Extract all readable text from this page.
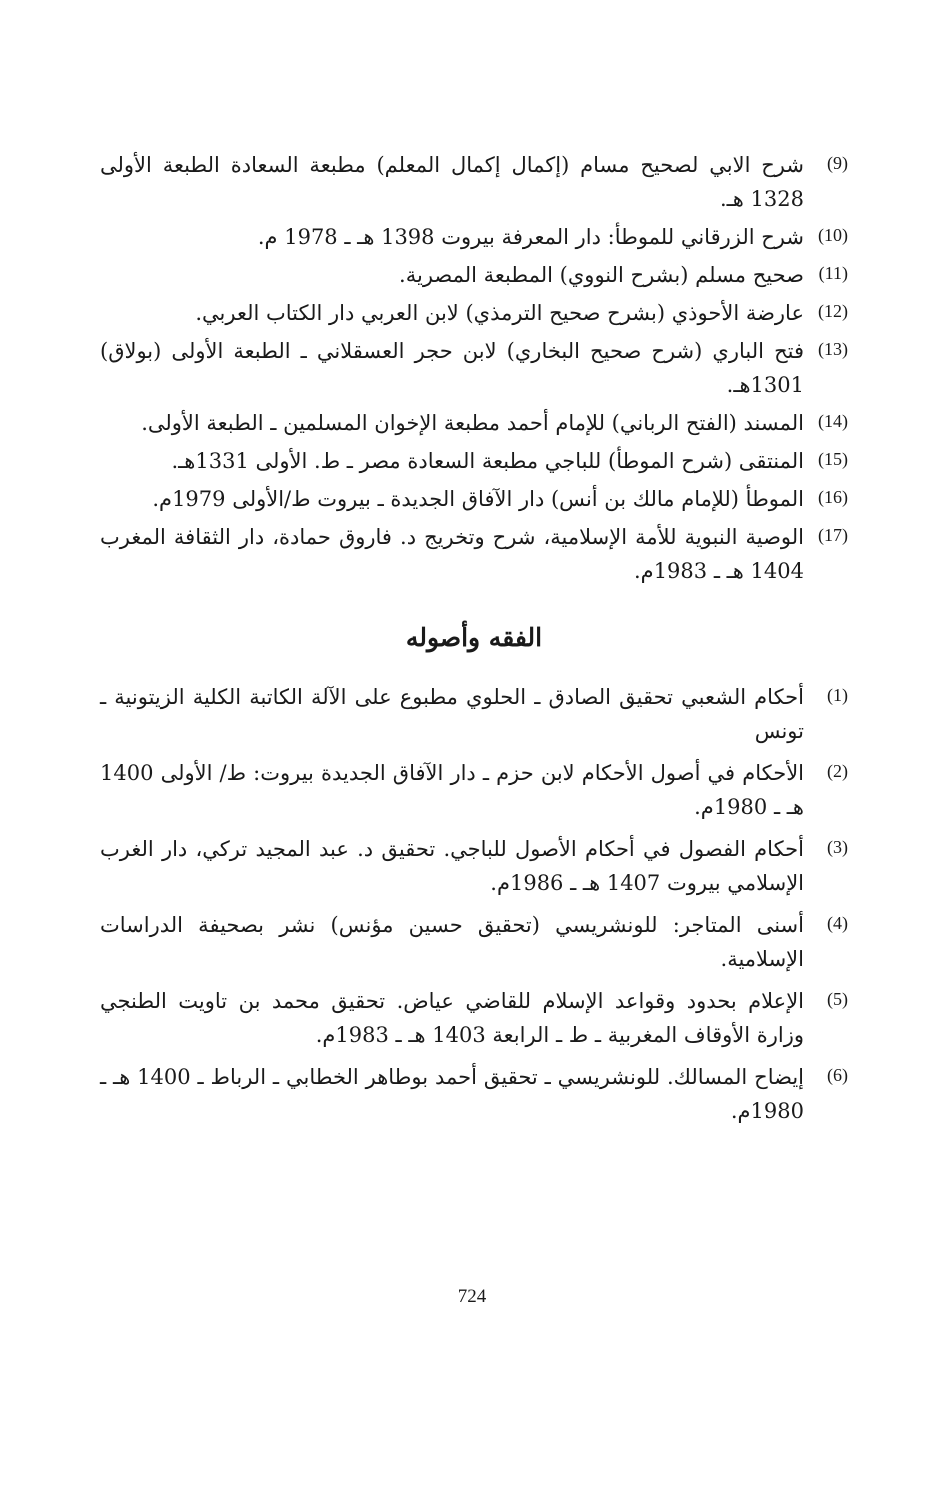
(9)
شرح الابي لصحيح مسام (إكمال إكمال المعلم) مطبعة السعادة الطبعة الأولى 1328 هـ.
(10)
شرح الزرقاني للموطأ: دار المعرفة بيروت 1398 هـ ـ 1978 م.
(11)
صحيح مسلم (بشرح النووي) المطبعة المصرية.
(12)
عارضة الأحوذي (بشرح صحيح الترمذي) لابن العربي دار الكتاب العربي.
(13)
فتح الباري (شرح صحيح البخاري) لابن حجر العسقلاني ـ الطبعة الأولى (بولاق) 1301هـ.
(14)
المسند (الفتح الرباني) للإمام أحمد مطبعة الإخوان المسلمين ـ الطبعة الأولى.
(15)
المنتقى (شرح الموطأ) للباجي مطبعة السعادة مصر ـ ط. الأولى 1331هـ.
(16)
الموطأ (للإمام مالك بن أنس) دار الآفاق الجديدة ـ بيروت ط/الأولى 1979م.
(17)
الوصية النبوية للأمة الإسلامية، شرح وتخريج د. فاروق حمادة، دار الثقافة المغرب 1404 هـ ـ 1983م.
الفقه وأصوله
(1)
أحكام الشعبي تحقيق الصادق ـ الحلوي مطبوع على الآلة الكاتبة الكلية الزيتونية ـ تونس
(2)
الأحكام في أصول الأحكام لابن حزم ـ دار الآفاق الجديدة بيروت: ط/ الأولى 1400 هـ ـ 1980م.
(3)
أحكام الفصول في أحكام الأصول للباجي. تحقيق د. عبد المجيد تركي، دار الغرب الإسلامي بيروت 1407 هـ ـ 1986م.
(4)
أسنى المتاجر: للونشريسي (تحقيق حسين مؤنس) نشر بصحيفة الدراسات الإسلامية.
(5)
الإعلام بحدود وقواعد الإسلام للقاضي عياض. تحقيق محمد بن تاويت الطنجي وزارة الأوقاف المغربية ـ ط ـ الرابعة 1403 هـ ـ 1983م.
(6)
إيضاح المسالك. للونشريسي ـ تحقيق أحمد بوطاهر الخطابي ـ الرباط ـ 1400 هـ ـ 1980م.
724
